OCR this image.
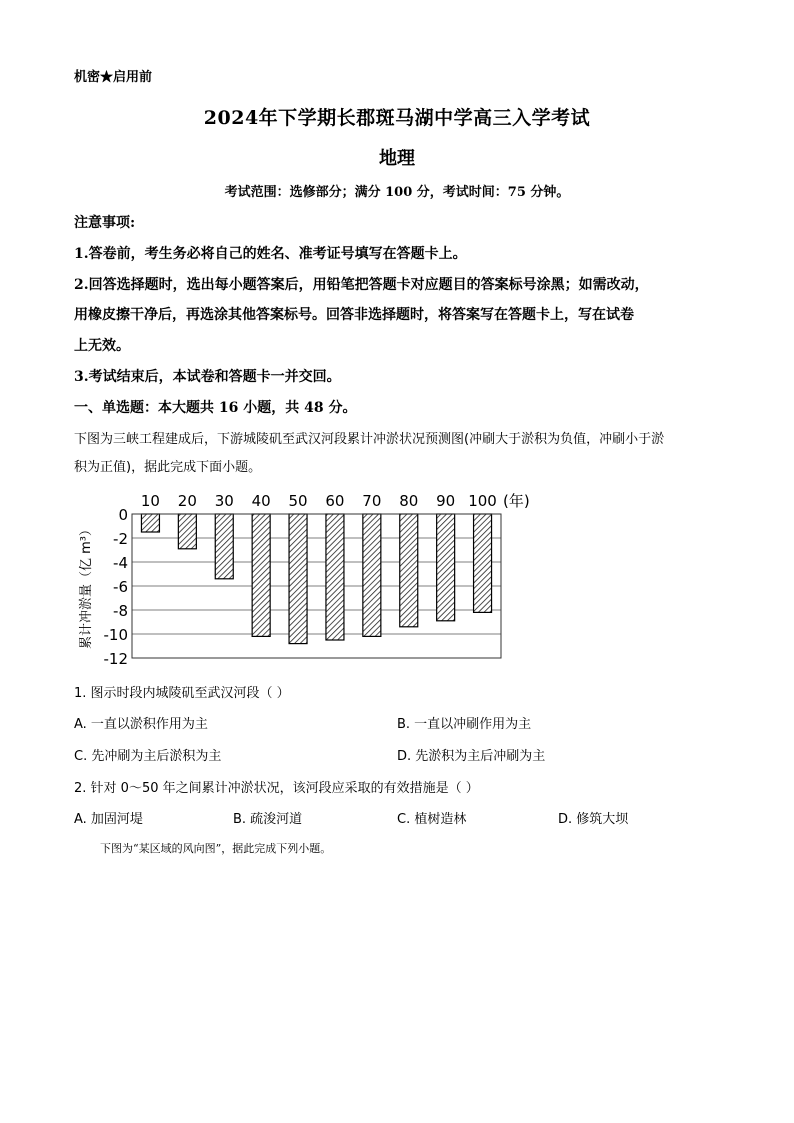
机密★启用前
2024年下学期长郡斑马湖中学高三入学考试
地理
考试范围：选修部分；满分 100 分，考试时间：75 分钟。
注意事项:
1.答卷前，考生务必将自己的姓名、准考证号填写在答题卡上。
2.回答选择题时，选出每小题答案后，用铅笔把答题卡对应题目的答案标号涂黑；如需改动，
用橡皮擦干净后，再选涂其他答案标号。回答非选择题时，将答案写在答题卡上，写在试卷
上无效。
3.考试结束后，本试卷和答题卡一并交回。
一、单选题：本大题共 16 小题，共 48 分。
下图为三峡工程建成后，下游城陵矶至武汉河段累计冲淤状况预测图(冲刷大于淤积为负值，冲刷小于淤
积为正值)，据此完成下面小题。
0
-2
-4
-6
-8
-10
-12
10 20 30 40 50 60 70 80 90 100 (年)
累计冲淤量（亿 m³）
1. 图示时段内城陵矶至武汉河段（ ）
A. 一直以淤积作用为主	B. 一直以冲刷作用为主
C. 先冲刷为主后淤积为主	D. 先淤积为主后冲刷为主
2. 针对 0～50 年之间累计冲淤状况，该河段应采取的有效措施是（ ）
A. 加固河堤	B. 疏浚河道	C. 植树造林	D. 修筑大坝
下图为“某区域的风向图”，据此完成下列小题。
